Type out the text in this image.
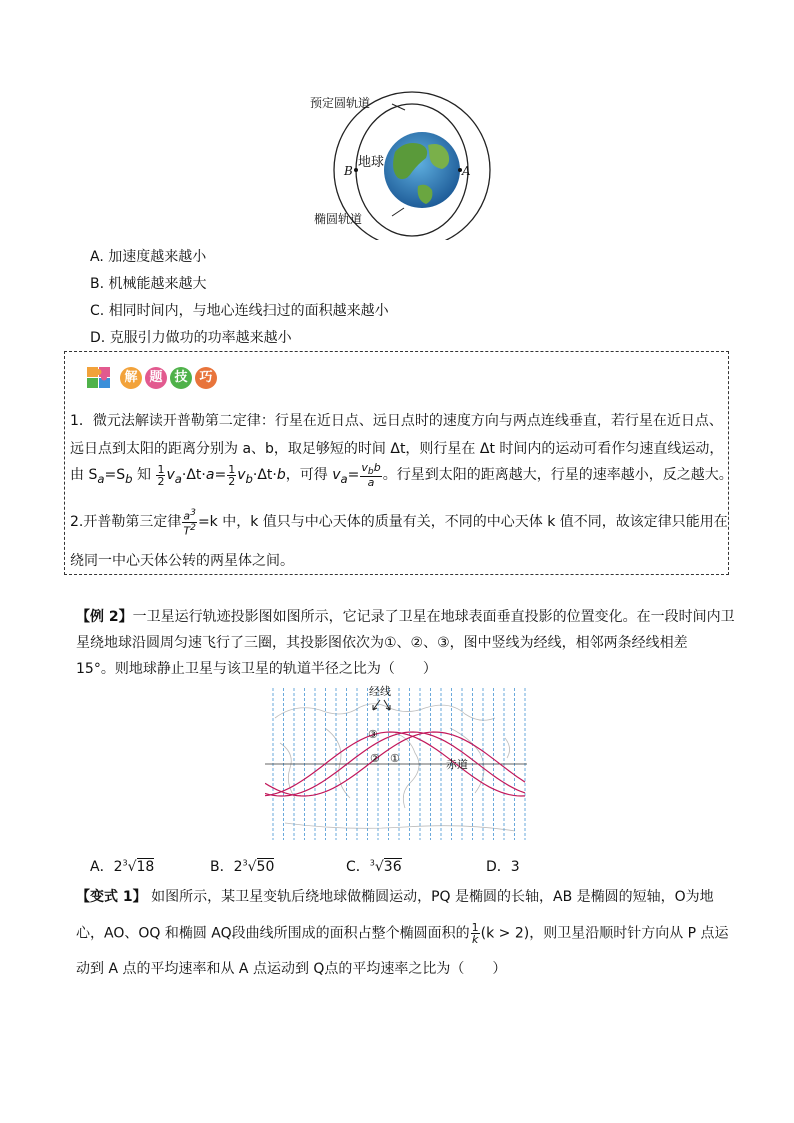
预定圆轨道
地球
B	A
椭圆轨道
A. 加速度越来越小
B. 机械能越来越大
C. 相同时间内，与地心连线扫过的面积越来越小
D. 克服引力做功的功率越来越小
解 题 技 巧
1．微元法解读开普勒第二定律：行星在近日点、远日点时的速度方向与两点连线垂直，若行星在近日点、
远日点到太阳的距离分别为 a、b，取足够短的时间 Δt，则行星在 Δt 时间内的运动可看作匀速直线运动，
由 $S_a=S_b$ 知 $\frac{1}{2} v_a\cdot\Delta t\cdot a= \frac{1}{2} v_b\cdot\Delta t\cdot b$，可得 $v_a= \frac{v_bb}{a}$ 。行星到太阳的距离越大，行星的速率越小，反之越大。
2.开普勒第三定律 $\frac{a^3}{T^2} =k$ 中，k 值只与中心天体的质量有关，不同的中心天体 k 值不同，故该定律只能用在
绕同一中心天体公转的两星体之间。
【例 2】一卫星运行轨迹投影图如图所示，它记录了卫星在地球表面垂直投影的位置变化。在一段时间内卫
星绕地球沿圆周匀速飞行了三圈，其投影图依次为①、②、③，图中竖线为经线，相邻两条经线相差
15°。则地球静止卫星与该卫星的轨道半径之比为（　　）
经线
③
② ①	赤道
A．$2^3√18$	B．$2^3√50$	C．$^3$√36	D．3
【变式 1】 如图所示，某卫星变轨后绕地球做椭圆运动，PQ 是椭圆的长轴，AB 是椭圆的短轴，O为地
心，AO、OQ 和椭圆 AQ段曲线所围成的面积占整个椭圆面积的 $\frac{1}{k} (k > 2)$，则卫星沿顺时针方向从 P 点运
动到 A 点的平均速率和从 A 点运动到 Q点的平均速率之比为（　　）
